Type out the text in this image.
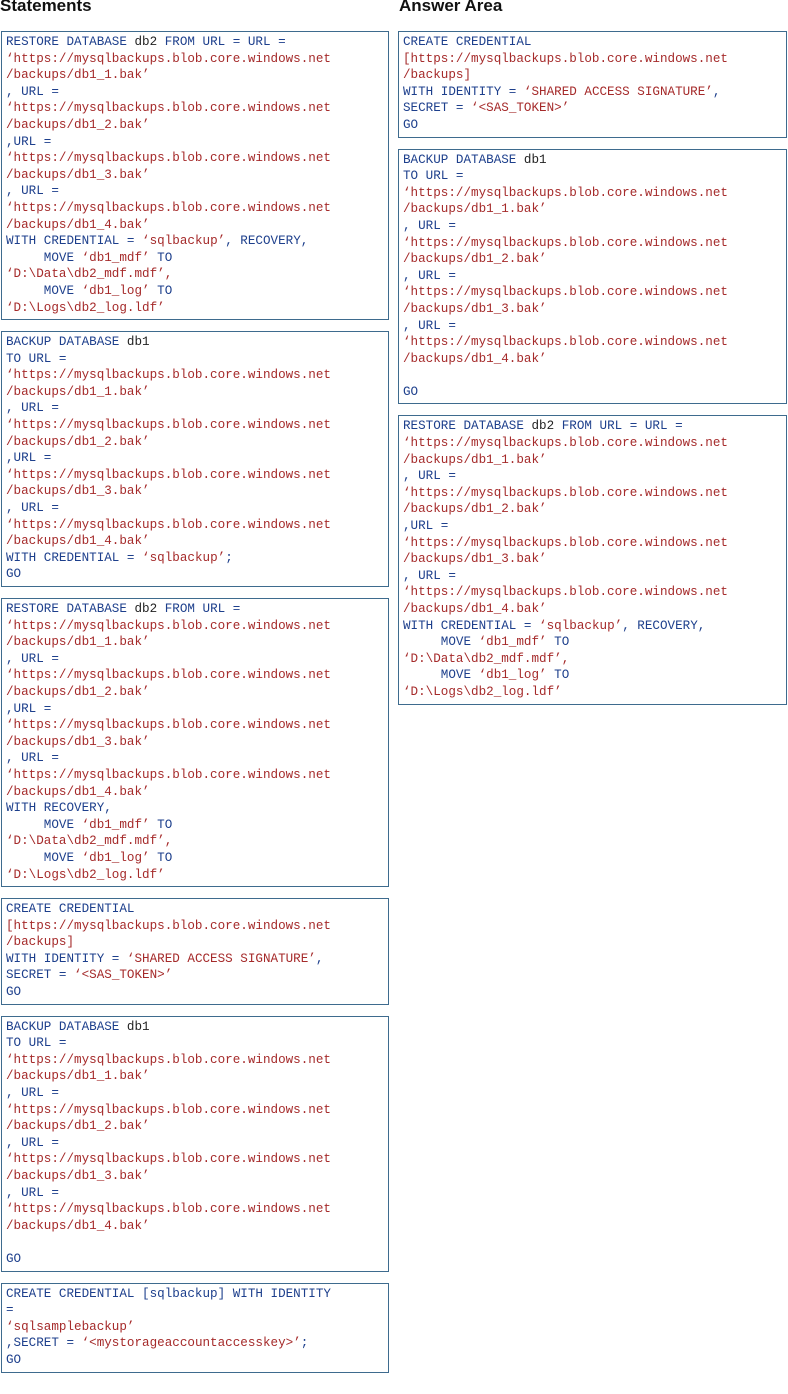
Statements	Answer Area
RESTORE DATABASE db2 FROM URL = URL =
‘https://mysqlbackups.blob.core.windows.net
/backups/db1_1.bak’
, URL =
‘https://mysqlbackups.blob.core.windows.net
/backups/db1_2.bak’
,URL =
‘https://mysqlbackups.blob.core.windows.net
/backups/db1_3.bak’
, URL =
‘https://mysqlbackups.blob.core.windows.net
/backups/db1_4.bak’
WITH CREDENTIAL = ‘sqlbackup’, RECOVERY,
MOVE ‘db1_mdf’ TO
‘D:\Data\db2_mdf.mdf’,
MOVE ‘db1_log’ TO
‘D:\Logs\db2_log.ldf’
BACKUP DATABASE db1
TO URL =
‘https://mysqlbackups.blob.core.windows.net
/backups/db1_1.bak’
, URL =
‘https://mysqlbackups.blob.core.windows.net
/backups/db1_2.bak’
,URL =
‘https://mysqlbackups.blob.core.windows.net
/backups/db1_3.bak’
, URL =
‘https://mysqlbackups.blob.core.windows.net
/backups/db1_4.bak’
WITH CREDENTIAL = ‘sqlbackup’;
GO
RESTORE DATABASE db2 FROM URL =
‘https://mysqlbackups.blob.core.windows.net
/backups/db1_1.bak’
, URL =
‘https://mysqlbackups.blob.core.windows.net
/backups/db1_2.bak’
,URL =
‘https://mysqlbackups.blob.core.windows.net
/backups/db1_3.bak’
, URL =
‘https://mysqlbackups.blob.core.windows.net
/backups/db1_4.bak’
WITH RECOVERY,
MOVE ‘db1_mdf’ TO
‘D:\Data\db2_mdf.mdf’,
MOVE ‘db1_log’ TO
‘D:\Logs\db2_log.ldf’
CREATE CREDENTIAL
[https://mysqlbackups.blob.core.windows.net
/backups]
WITH IDENTITY = ‘SHARED ACCESS SIGNATURE’,
SECRET = ‘<SAS_TOKEN>’
GO
BACKUP DATABASE db1
TO URL =
‘https://mysqlbackups.blob.core.windows.net
/backups/db1_1.bak’
, URL =
‘https://mysqlbackups.blob.core.windows.net
/backups/db1_2.bak’
, URL =
‘https://mysqlbackups.blob.core.windows.net
/backups/db1_3.bak’
, URL =
‘https://mysqlbackups.blob.core.windows.net
/backups/db1_4.bak’
GO
CREATE CREDENTIAL [sqlbackup] WITH IDENTITY
=
‘sqlsamplebackup’
,SECRET = ‘<mystorageaccountaccesskey>’;
GO
CREATE CREDENTIAL
[https://mysqlbackups.blob.core.windows.net
/backups]
WITH IDENTITY = ‘SHARED ACCESS SIGNATURE’,
SECRET = ‘<SAS_TOKEN>’
GO
BACKUP DATABASE db1
TO URL =
‘https://mysqlbackups.blob.core.windows.net
/backups/db1_1.bak’
, URL =
‘https://mysqlbackups.blob.core.windows.net
/backups/db1_2.bak’
, URL =
‘https://mysqlbackups.blob.core.windows.net
/backups/db1_3.bak’
, URL =
‘https://mysqlbackups.blob.core.windows.net
/backups/db1_4.bak’
GO
RESTORE DATABASE db2 FROM URL = URL =
‘https://mysqlbackups.blob.core.windows.net
/backups/db1_1.bak’
, URL =
‘https://mysqlbackups.blob.core.windows.net
/backups/db1_2.bak’
,URL =
‘https://mysqlbackups.blob.core.windows.net
/backups/db1_3.bak’
, URL =
‘https://mysqlbackups.blob.core.windows.net
/backups/db1_4.bak’
WITH CREDENTIAL = ‘sqlbackup’, RECOVERY,
MOVE ‘db1_mdf’ TO
‘D:\Data\db2_mdf.mdf’,
MOVE ‘db1_log’ TO
‘D:\Logs\db2_log.ldf’
